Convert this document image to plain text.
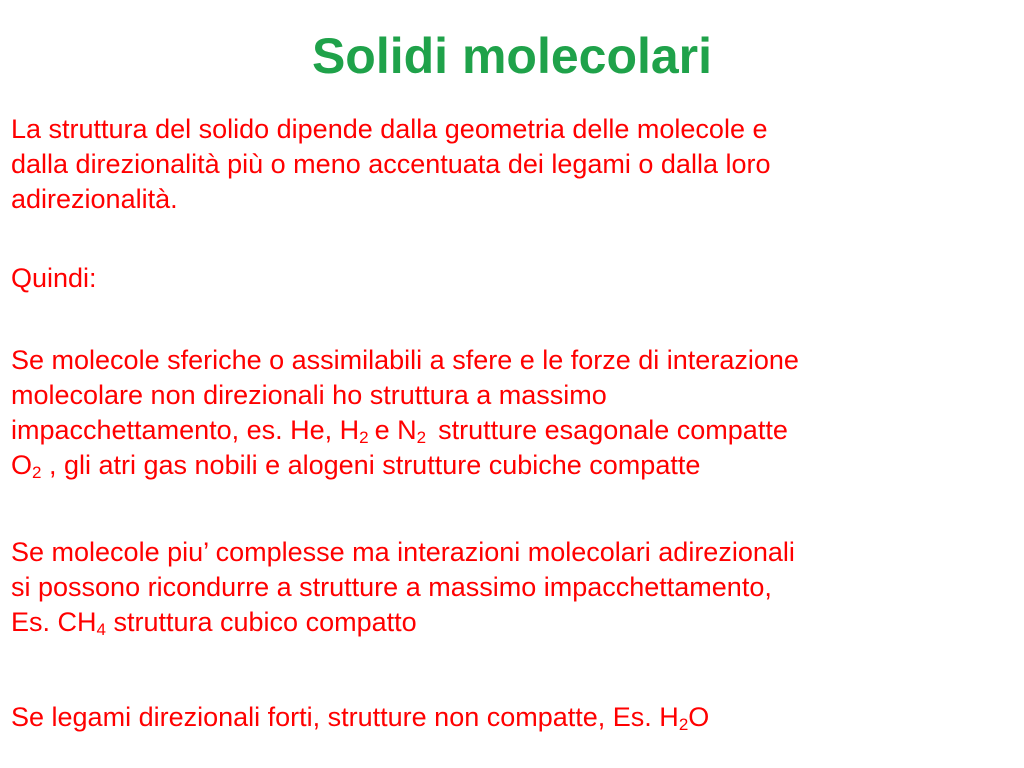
Solidi molecolari
La struttura del solido dipende dalla geometria delle molecole e
dalla direzionalità più o meno accentuata dei legami o dalla loro
adirezionalità.
Quindi:
Se molecole sferiche o assimilabili a sfere e le forze di interazione
molecolare non direzionali ho struttura a massimo
impacchettamento, es. He, $H_2$ e $N_2$ strutture esagonale compatte
$O_2$ , gli atri gas nobili e alogeni strutture cubiche compatte
Se molecole piu’ complesse ma interazioni molecolari adirezionali
si possono ricondurre a strutture a massimo impacchettamento,
Es. $CH_4$ struttura cubico compatto
Se legami direzionali forti, strutture non compatte, Es. $H_2O$
